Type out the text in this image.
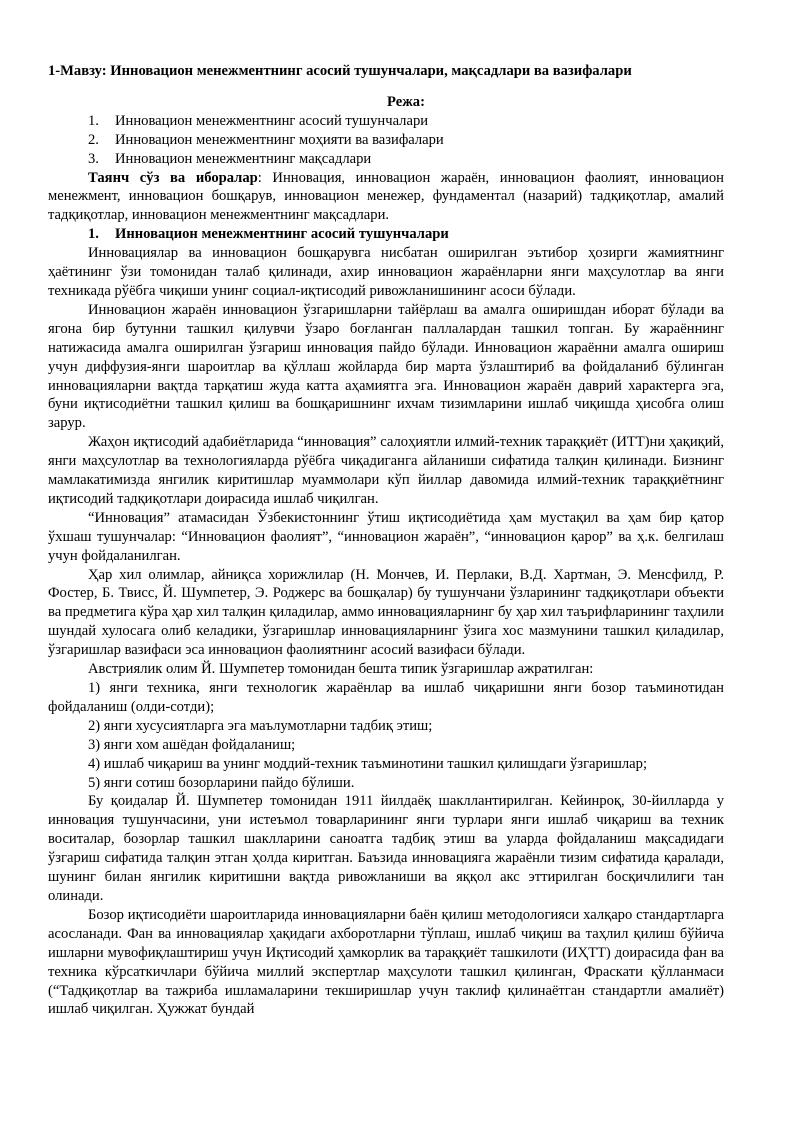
1-Мавзу: Инновацион менежментнинг асосий тушунчалари, мақсадлари ва вазифалари

Режа:

1. Инновацион менежментнинг асосий тушунчалари
2. Инновацион менежментнинг моҳияти ва вазифалари
3. Инновацион менежментнинг мақсадлари

Таянч сўз ва иборалар: Инновация, инновацион жараён, инновацион фаолият, инновацион менежмент, инновацион бошқарув, инновацион менежер, фундаментал (назарий) тадқиқотлар, амалий тадқиқотлар, инновацион менежментнинг мақсадлари.

1. Инновацион менежментнинг асосий тушунчалари

Инновациялар ва инновацион бошқарувга нисбатан оширилган эътибор ҳозирги жамиятнинг ҳаётининг ўзи томонидан талаб қилинади, ахир инновацион жараёнларни янги маҳсулотлар ва янги техникада рўёбга чиқиши унинг социал-иқтисодий ривожланишининг асоси бўлади.

Инновацион жараён инновацион ўзгаришларни тайёрлаш ва амалга оширишдан иборат бўлади ва ягона бир бутунни ташкил қилувчи ўзаро боғланган паллалардан ташкил топган. Бу жараённинг натижасида амалга оширилган ўзгариш инновация пайдо бўлади. Инновацион жараённи амалга ошириш учун диффузия-янги шароитлар ва қўллаш жойларда бир марта ўзлаштириб ва фойдаланиб бўлинган инновацияларни вақтда тарқатиш жуда катта аҳамиятга эга. Инновацион жараён даврий характерга эга, буни иқтисодиётни ташкил қилиш ва бошқаришнинг ихчам тизимларини ишлаб чиқишда ҳисобга олиш зарур.

Жаҳон иқтисодий адабиётларида “инновация” салоҳиятли илмий-техник тараққиёт (ИТТ)ни ҳақиқий, янги маҳсулотлар ва технологияларда рўёбга чиқадиганга айланиши сифатида талқин қилинади. Бизнинг мамлакатимизда янгилик киритишлар муаммолари кўп йиллар давомида илмий-техник тараққиётнинг иқтисодий тадқиқотлари доирасида ишлаб чиқилган.

“Инновация” атамасидан Ўзбекистоннинг ўтиш иқтисодиётида ҳам мустақил ва ҳам бир қатор ўхшаш тушунчалар: “Инновацион фаолият”, “инновацион жараён”, “инновацион қарор” ва ҳ.к. белгилаш учун фойдаланилган.

Ҳар хил олимлар, айниқса хорижлилар (Н. Мончев, И. Перлаки, В.Д. Хартман, Э. Менсфилд, Р. Фостер, Б. Твисс, Й. Шумпетер, Э. Роджерс ва бошқалар) бу тушунчани ўзларининг тадқиқотлари объекти ва предметига кўра ҳар хил талқин қиладилар, аммо инновацияларнинг бу ҳар хил таърифларининг таҳлили шундай хулосага олиб келадики, ўзгаришлар инновацияларнинг ўзига хос мазмунини ташкил қиладилар, ўзгаришлар вазифаси эса инновацион фаолиятнинг асосий вазифаси бўлади.

Австриялик олим Й. Шумпетер томонидан бешта типик ўзгаришлар ажратилган:

1) янги техника, янги технологик жараёнлар ва ишлаб чиқаришни янги бозор таъминотидан фойдаланиш (олди-сотди);

2) янги хусусиятларга эга маълумотларни тадбиқ этиш;

3) янги хом ашёдан фойдаланиш;

4) ишлаб чиқариш ва унинг моддий-техник таъминотини ташкил қилишдаги ўзгаришлар;

5) янги сотиш бозорларини пайдо бўлиши.

Бу қоидалар Й. Шумпетер томонидан 1911 йилдаёқ шакллантирилган. Кейинроқ, 30-йилларда у инновация тушунчасини, уни истеъмол товарларининг янги турлари янги ишлаб чиқариш ва техник воситалар, бозорлар ташкил шаклларини саноатга тадбиқ этиш ва уларда фойдаланиш мақсадидаги ўзгариш сифатида талқин этган ҳолда киритган. Баъзида инновацияга жараёнли тизим сифатида қаралади, шунинг билан янгилик киритишни вақтда ривожланиши ва яққол акс эттирилган босқичлилиги тан олинади.

Бозор иқтисодиёти шароитларида инновацияларни баён қилиш методологияси халқаро стандартларга асосланади. Фан ва инновациялар ҳақидаги ахборотларни тўплаш, ишлаб чиқиш ва таҳлил қилиш бўйича ишларни мувофиқлаштириш учун Иқтисодий ҳамкорлик ва тараққиёт ташкилоти (ИҲТТ) доирасида фан ва техника кўрсаткичлари бўйича миллий экспертлар маҳсулоти ташкил қилинган, Фраскати қўлланмаси (“Тадқиқотлар ва тажриба ишламаларини текширишлар учун таклиф қилинаётган стандартли амалиёт) ишлаб чиқилган. Ҳужжат бундай
